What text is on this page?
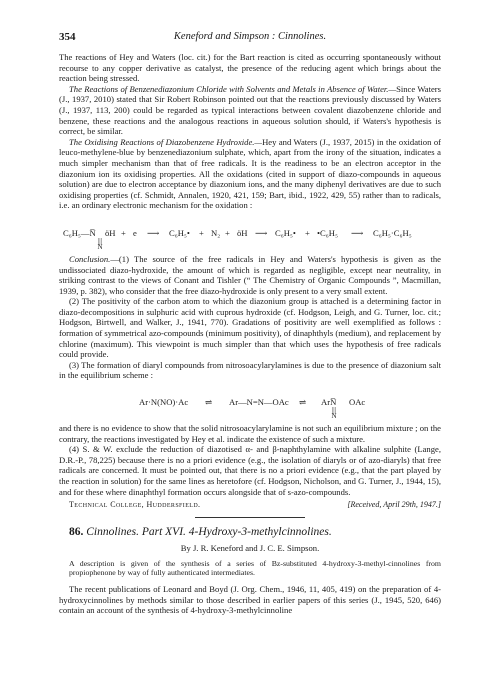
354	Keneford and Simpson : Cinnolines.

The reactions of Hey and Waters (loc. cit.) for the Bart reaction is cited as occurring spontaneously without recourse to any copper derivative as catalyst, the presence of the reducing agent which brings about the reaction being stressed.

The Reactions of Benzenediazonium Chloride with Solvents and Metals in Absence of Water.—Since Waters (J., 1937, 2010) stated that Sir Robert Robinson pointed out that the reactions previously discussed by Waters (J., 1937, 113, 200) could be regarded as typical interactions between covalent diazobenzene chloride and benzene, these reactions and the analogous reactions in aqueous solution should, if Waters's hypothesis is correct, be similar.

The Oxidising Reactions of Diazobenzene Hydroxide.—Hey and Waters (J., 1937, 2015) in the oxidation of leuco-methylene-blue by benzenediazonium sulphate, which, apart from the irony of the situation, indicates a much simpler mechanism than that of free radicals. It is the readiness to be an electron acceptor in the diazonium ion its oxidising properties. All the oxidations (cited in support of diazo-compounds in aqueous solution) are due to electron acceptance by diazonium ions, and the many diphenyl derivatives are due to such oxidising properties (cf. Schmidt, Annalen, 1920, 421, 159; Bart, ibid., 1922, 429, 55) rather than to radicals, i.e. an ordinary electronic mechanism for the oxidation :

C₆H₅—N̅ öH
|||
N
+ e ⟶ C₆H₅• + N₂ + öH ⟶ C₆H₅• + •C₆H₅ ⟶ C₆H₅·C₆H₅

Conclusion.—(1) The source of the free radicals in Hey and Waters's hypothesis is given as the undissociated diazo-hydroxide, the amount of which is regarded as negligible, except near neutrality, in striking contrast to the views of Conant and Tishler (“ The Chemistry of Organic Compounds ”, Macmillan, 1939, p. 382), who consider that the free diazo-hydroxide is only present to a very small extent.

(2) The positivity of the carbon atom to which the diazonium group is attached is a determining factor in diazo-decompositions in sulphuric acid with cuprous hydroxide (cf. Hodgson, Leigh, and G. Turner, loc. cit.; Hodgson, Birtwell, and Walker, J., 1941, 770). Gradations of positivity are well exemplified as follows : formation of symmetrical azo-compounds (minimum positivity), of dinaphthyls (medium), and replacement by chlorine (maximum). This viewpoint is much simpler than that which uses the hypothesis of free radicals could provide.

(3) The formation of diaryl compounds from nitrosoacylarylamines is due to the presence of diazonium salt in the equilibrium scheme :

Ar·N(NO)·Ac ⇌ Ar—N=N—OAc ⇌ ArN̅ OAc
|||
N

and there is no evidence to show that the solid nitrosoacylarylamine is not such an equilibrium mixture ; on the contrary, the reactions investigated by Hey et al. indicate the existence of such a mixture.

(4) S. & W. exclude the reduction of diazotised α- and β-naphthylamine with alkaline sulphite (Lange, D.R.-P., 78,225) because there is no a priori evidence (e.g., the isolation of diaryls or of azo-diaryls) that free radicals are concerned. It must be pointed out, that there is no a priori evidence (e.g., that the part played by the reaction in solution) for the same lines as heretofore (cf. Hodgson, Nicholson, and G. Turner, J., 1944, 15), and for these where dinaphthyl formation occurs alongside that of s-azo-compounds.

Technical College, Huddersfield.	[Received, April 29th, 1947.]
86. Cinnolines. Part XVI. 4-Hydroxy-3-methylcinnolines.
By J. R. Keneford and J. C. E. Simpson.
A description is given of the synthesis of a series of Bz-substituted 4-hydroxy-3-methyl-cinnolines from propiophenone by way of fully authenticated intermediates.

The recent publications of Leonard and Boyd (J. Org. Chem., 1946, 11, 405, 419) on the preparation of 4-hydroxycinnolines by methods similar to those described in earlier papers of this series (J., 1945, 520, 646) contain an account of the synthesis of 4-hydroxy-3-methylcinnoline
